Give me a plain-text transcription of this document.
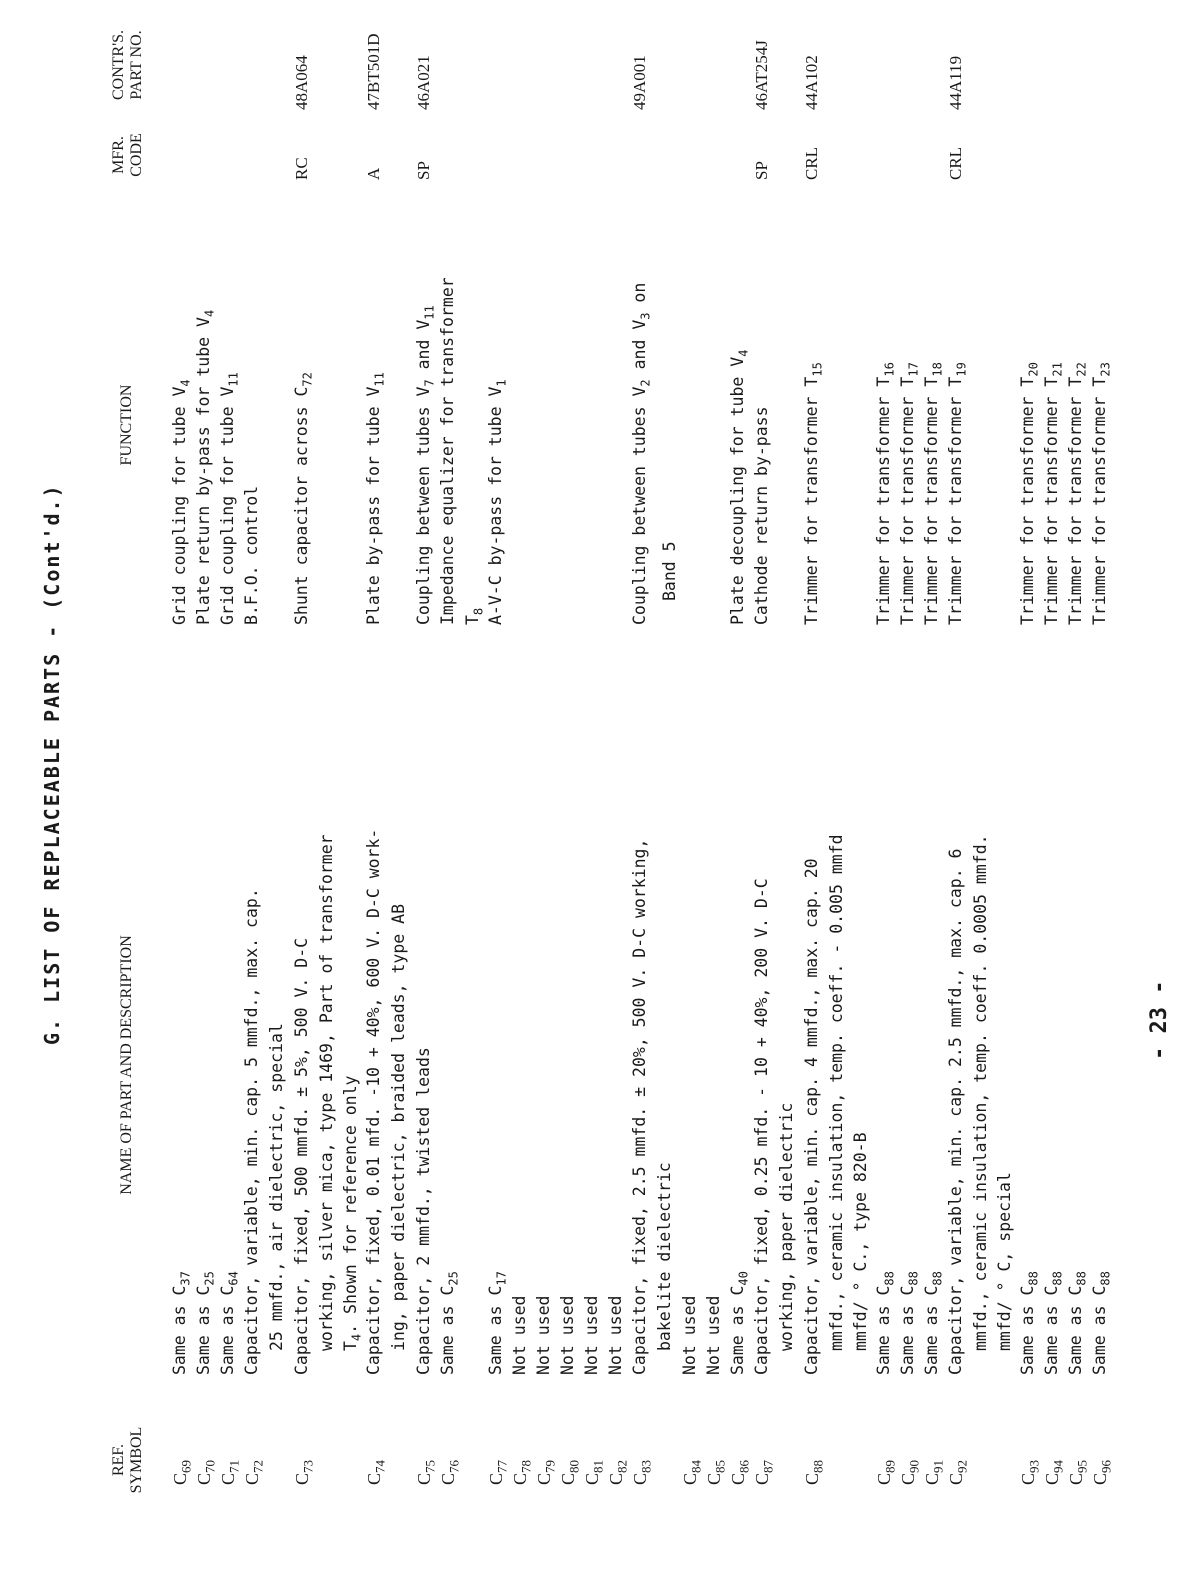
G. LIST OF REPLACEABLE PARTS - (Cont'd.)
REF.
SYMBOL
NAME OF PART AND DESCRIPTION
FUNCTION
MFR.
CODE
CONTR'S.
PART NO.
$C_{69}$
Same as $C_{37}$
Grid coupling for tube $V_4$
$C_{70}$
Same as $C_{25}$
Plate return by-pass for tube $V_4$
$C_{71}$
Same as $C_{64}$
Grid coupling for tube $V_{11}$
$C_{72}$
Capacitor, variable, min. cap. 5 mmfd., max. cap. 25 mmfd., air dielectric, special
B.F.O. control
$C_{73}$
Capacitor, fixed, 500 mmfd. ± 5%, 500 V. D-C working, silver mica, type 1469, Part of transformer $T_4$. Shown for reference only
Shunt capacitor across $C_{72}$
RC
48A064
$C_{74}$
Capacitor, fixed, 0.01 mfd. -10 + 40%, 600 V. D-C work- ing, paper dielectric, braided leads, type AB
Plate by-pass for tube $V_{11}$
A
47BT501D
$C_{75}$
Capacitor, 2 mmfd., twisted leads
Coupling between tubes $V_7$ and $V_{11}$
SP
46A021
$C_{76}$
Same as $C_{25}$
Impedance equalizer for transformer $T_8$
$C_{77}$
Same as $C_{17}$
A-V-C by-pass for tube $V_1$
$C_{78}$
Not used
$C_{79}$
Not used
$C_{80}$
Not used
$C_{81}$
Not used
$C_{82}$
Not used
$C_{83}$
Capacitor, fixed, 2.5 mmfd. ± 20%, 500 V. D-C working, bakelite dielectric
Coupling between tubes $V_2$ and $V_3$ on
Band 5
49A001
$C_{84}$
Not used
$C_{85}$
Not used
$C_{86}$
Same as $C_{40}$
Plate decoupling for tube $V_4$
$C_{87}$
Capacitor, fixed, 0.25 mfd. - 10 + 40%, 200 V. D-C working, paper dielectric
Cathode return by-pass
SP
46AT254J
$C_{88}$
Capacitor, variable, min. cap. 4 mmfd., max. cap. 20 mmfd., ceramic insulation, temp. coeff. - 0.005 mmfd mmfd/ ° C., type 820-B
Trimmer for transformer $T_{15}$
CRL
44A102
$C_{89}$
Same as $C_{88}$
Trimmer for transformer $T_{16}$
$C_{90}$
Same as $C_{88}$
Trimmer for transformer $T_{17}$
$C_{91}$
Same as $C_{88}$
Trimmer for transformer $T_{18}$
$C_{92}$
Capacitor, variable, min. cap. 2.5 mmfd., max. cap. 6 mmfd., ceramic insulation, temp. coeff. 0.0005 mmfd. mmfd/ ° C, special
Trimmer for transformer $T_{19}$
CRL
44A119
$C_{93}$
Same as $C_{88}$
Trimmer for transformer $T_{20}$
$C_{94}$
Same as $C_{88}$
Trimmer for transformer $T_{21}$
$C_{95}$
Same as $C_{88}$
Trimmer for transformer $T_{22}$
$C_{96}$
Same as $C_{88}$
Trimmer for transformer $T_{23}$
- 23 -
